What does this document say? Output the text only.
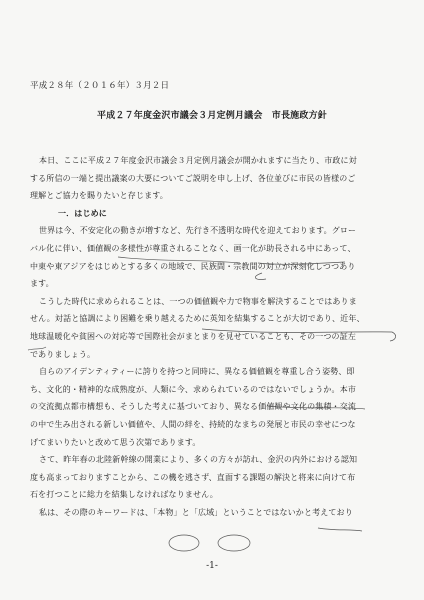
平成２８年（２０１６年）３月２日
平成２７年度金沢市議会３月定例月議会　市長施政方針
本日、ここに平成２７年度金沢市議会３月定例月議会が開かれますに当たり、市政に対
する所信の一端と提出議案の大要についてご説明を申し上げ、各位並びに市民の皆様のご
理解とご協力を賜りたいと存じます。
一．はじめに
世界は今、不安定化の動きが増すなど、先行き不透明な時代を迎えております。グロー
バル化に伴い、価値観の多様性が尊重されることなく、画一化が助長される中にあって、
中東や東アジアをはじめとする多くの地域で、民族間・宗教間の対立が深刻化しつつあり
ます。
こうした時代に求められることは、一つの価値観や力で物事を解決することではありま
せん。対話と協調により困難を乗り越えるために英知を結集することが大切であり、近年、
地球温暖化や貧困への対応等で国際社会がまとまりを見せていることも、その一つの証左
でありましょう。
自らのアイデンティティーに誇りを持つと同時に、異なる価値観を尊重し合う姿勢、即
ち、文化的・精神的な成熟度が、人類に今、求められているのではないでしょうか。本市
の交流拠点都市構想も、そうした考えに基づいており、異なる価値観や文化の集積・交流
の中で生み出される新しい価値や、人間の絆を、持続的なまちの発展と市民の幸せにつな
げてまいりたいと改めて思う次第であります。
さて、昨年春の北陸新幹線の開業により、多くの方々が訪れ、金沢の内外における認知
度も高まっておりますことから、この機を逃さず、直面する課題の解決と将来に向けて布
石を打つことに総力を結集しなければなりません。
私は、その際のキーワードは、「本物」と「広域」ということではないかと考えており
-1-
